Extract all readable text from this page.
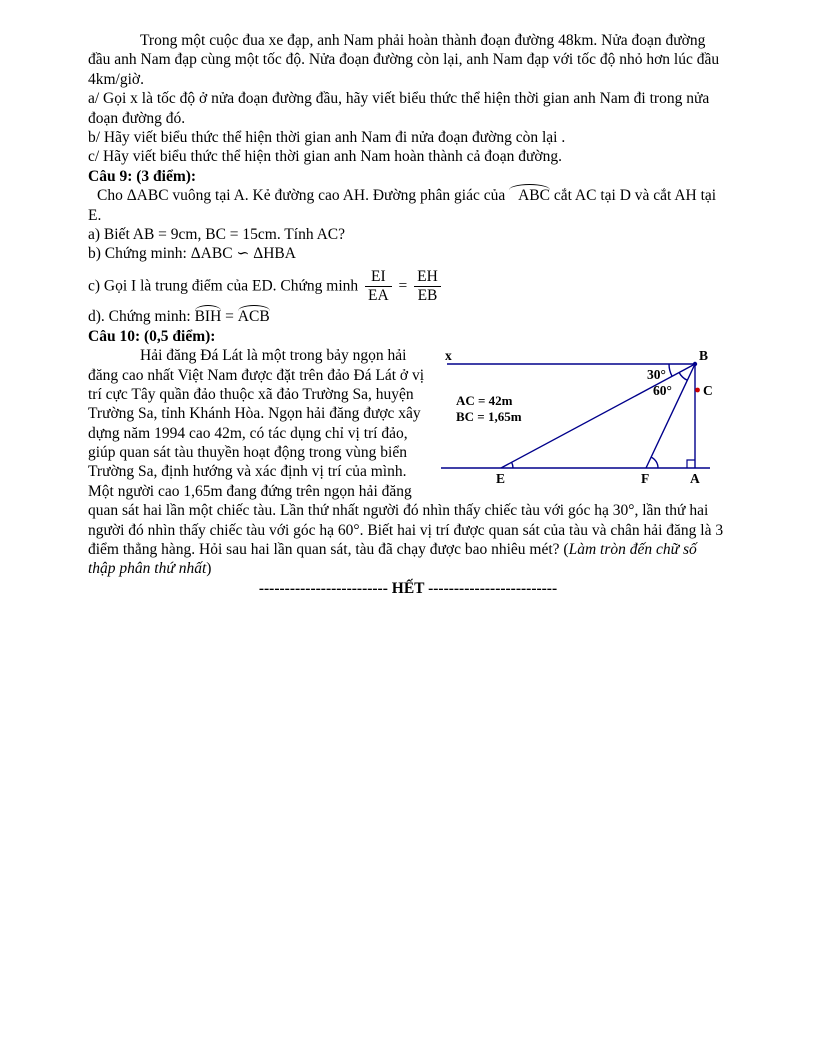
Trong một cuộc đua xe đạp, anh Nam phải hoàn thành đoạn đường 48km. Nửa đoạn đường đầu anh Nam đạp cùng một tốc độ. Nửa đoạn đường còn lại, anh Nam đạp với tốc độ nhỏ hơn lúc đầu 4km/giờ.

a/ Gọi x là tốc độ ở nửa đoạn đường đầu, hãy viết biểu thức thể hiện thời gian anh Nam đi trong nửa đoạn đường đó.

b/ Hãy viết biểu thức thể hiện thời gian anh Nam đi nửa đoạn đường còn lại .

c/ Hãy viết biểu thức thể hiện thời gian anh Nam hoàn thành cả đoạn đường.

Câu 9: (3 điểm):

Cho ΔABC vuông tại A. Kẻ đường cao AH. Đường phân giác của ABC cắt AC tại D và cắt AH tại E.

a) Biết AB = 9cm, BC = 15cm. Tính AC?

b) Chứng minh: ΔABC ∽ ΔHBA

c) Gọi I là trung điểm của ED. Chứng minh $\frac{EI}{EA} = \frac{EH}{EB}$

d). Chứng minh: BIH = ACB

Câu 10: (0,5 điểm):

x	B
C
E	F	A
30°
60°
AC = 42m
BC = 1,65m

Hải đăng Đá Lát là một trong bảy ngọn hải đăng cao nhất Việt Nam được đặt trên đảo Đá Lát ở vị trí cực Tây quần đảo thuộc xã đảo Trường Sa, huyện Trường Sa, tỉnh Khánh Hòa. Ngọn hải đăng được xây dựng năm 1994 cao 42m, có tác dụng chỉ vị trí đảo, giúp quan sát tàu thuyền hoạt động trong vùng biển Trường Sa, định hướng và xác định vị trí của mình. Một người cao 1,65m đang đứng trên ngọn hải đăng quan sát hai lần một chiếc tàu. Lần thứ nhất người đó nhìn thấy chiếc tàu với góc hạ 30°, lần thứ hai người đó nhìn thấy chiếc tàu với góc hạ 60°. Biết hai vị trí được quan sát của tàu và chân hải đăng là 3 điểm thẳng hàng. Hỏi sau hai lần quan sát, tàu đã chạy được bao nhiêu mét? (Làm tròn đến chữ số thập phân thứ nhất)

------------------------- HẾT -------------------------
